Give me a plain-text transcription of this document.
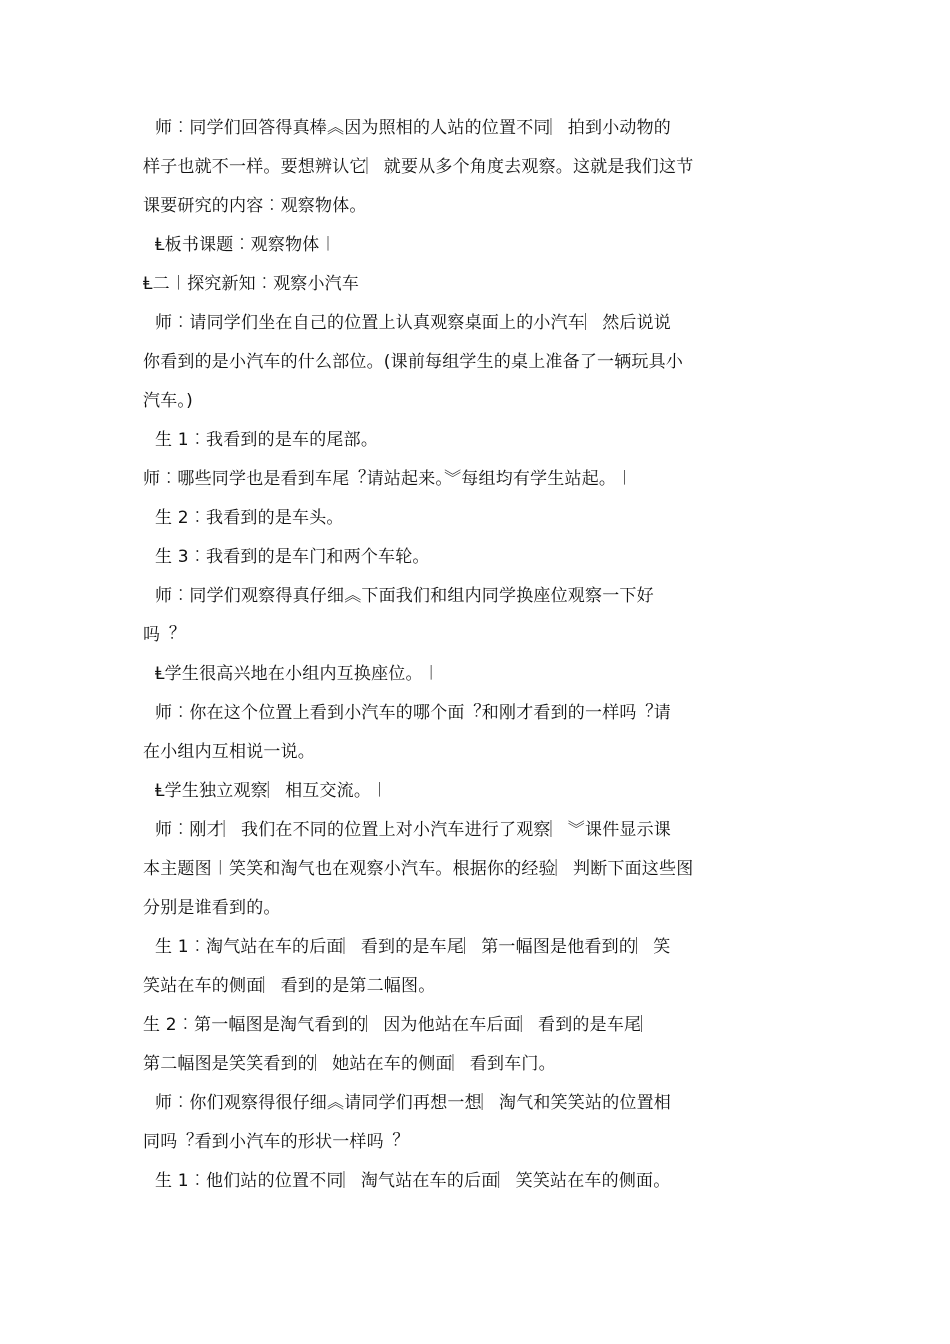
师︰同学们回答得真棒︽因为照相的人站的位置不同︳拍到小动物的
样子也就不一样。要想辨认它︳就要从多个角度去观察。这就是我们这节
课要研究的内容︰观察物体。
Ⱡ板书课题︰观察物体︱
Ⱡ二︱探究新知︰观察小汽车
师︰请同学们坐在自己的位置上认真观察桌面上的小汽车︳然后说说
你看到的是小汽车的什么部位。(课前每组学生的桌上准备了一辆玩具小
汽车。)
生 1︰我看到的是车的尾部。
师︰哪些同学也是看到车尾︖请站起来。︾每组均有学生站起。︱
生 2︰我看到的是车头。
生 3︰我看到的是车门和两个车轮。
师︰同学们观察得真仔细︽下面我们和组内同学换座位观察一下好
吗︖
Ⱡ学生很高兴地在小组内互换座位。︱
师︰你在这个位置上看到小汽车的哪个面︖和刚才看到的一样吗︖请
在小组内互相说一说。
Ⱡ学生独立观察︳相互交流。︱
师︰刚才︳我们在不同的位置上对小汽车进行了观察︳︾课件显示课
本主题图︱笑笑和淘气也在观察小汽车。根据你的经验︳判断下面这些图
分别是谁看到的。
生 1︰淘气站在车的后面︳看到的是车尾︳第一幅图是他看到的︳笑
笑站在车的侧面︳看到的是第二幅图。
生 2︰第一幅图是淘气看到的︳因为他站在车后面︳看到的是车尾︳
第二幅图是笑笑看到的︳她站在车的侧面︳看到车门。
师︰你们观察得很仔细︽请同学们再想一想︳淘气和笑笑站的位置相
同吗︖看到小汽车的形状一样吗︖
生 1︰他们站的位置不同︳淘气站在车的后面︳笑笑站在车的侧面。
